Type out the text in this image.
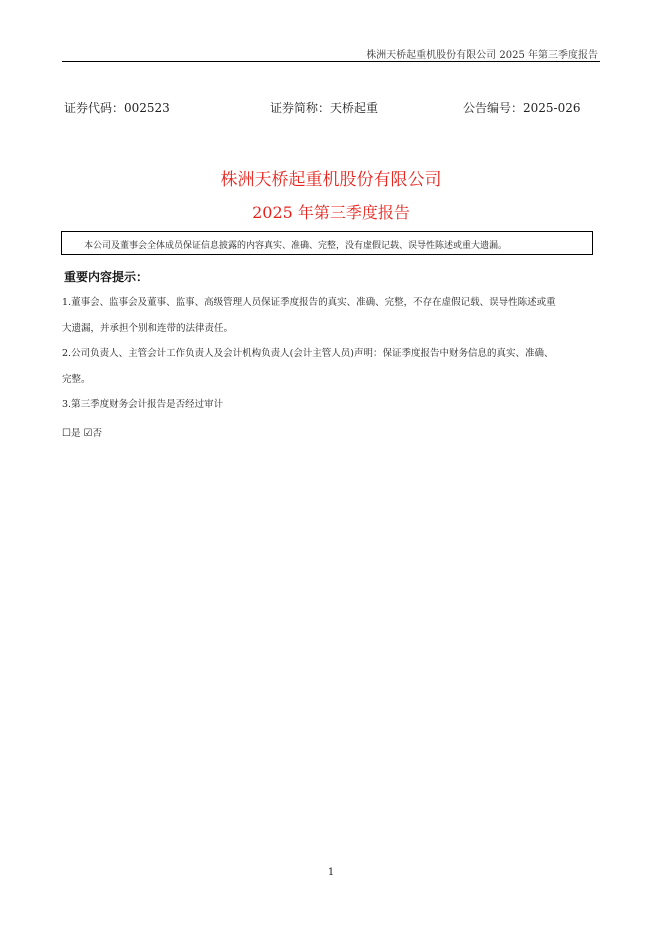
株洲天桥起重机股份有限公司 2025 年第三季度报告
证券代码：002523	证券简称：天桥起重	公告编号：2025-026
株洲天桥起重机股份有限公司
2025 年第三季度报告
本公司及董事会全体成员保证信息披露的内容真实、准确、完整，没有虚假记载、误导性陈述或重大遗漏。
重要内容提示：
1.董事会、监事会及董事、监事、高级管理人员保证季度报告的真实、准确、完整，不存在虚假记载、误导性陈述或重
大遗漏，并承担个别和连带的法律责任。
2.公司负责人、主管会计工作负责人及会计机构负责人(会计主管人员)声明：保证季度报告中财务信息的真实、准确、
完整。
3.第三季度财务会计报告是否经过审计
☐是 ☑否
1
